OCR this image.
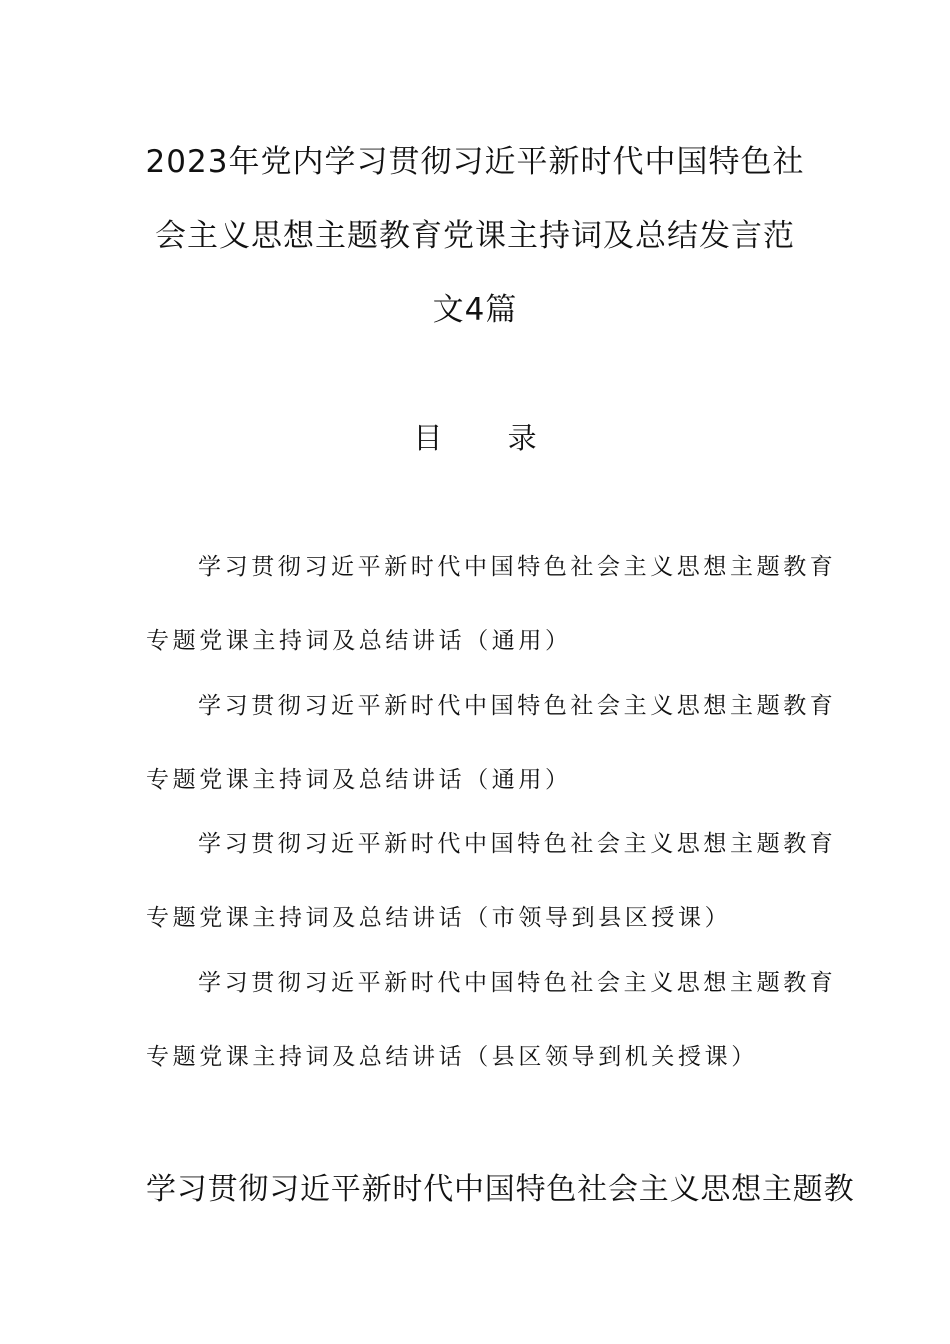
2023年党内学习贯彻习近平新时代中国特色社
会主义思想主题教育党课主持词及总结发言范
文4篇
目 录
学习贯彻习近平新时代中国特色社会主义思想主题教育
专题党课主持词及总结讲话（通用）
学习贯彻习近平新时代中国特色社会主义思想主题教育
专题党课主持词及总结讲话（通用）
学习贯彻习近平新时代中国特色社会主义思想主题教育
专题党课主持词及总结讲话（市领导到县区授课）
学习贯彻习近平新时代中国特色社会主义思想主题教育
专题党课主持词及总结讲话（县区领导到机关授课）
学习贯彻习近平新时代中国特色社会主义思想主题教
